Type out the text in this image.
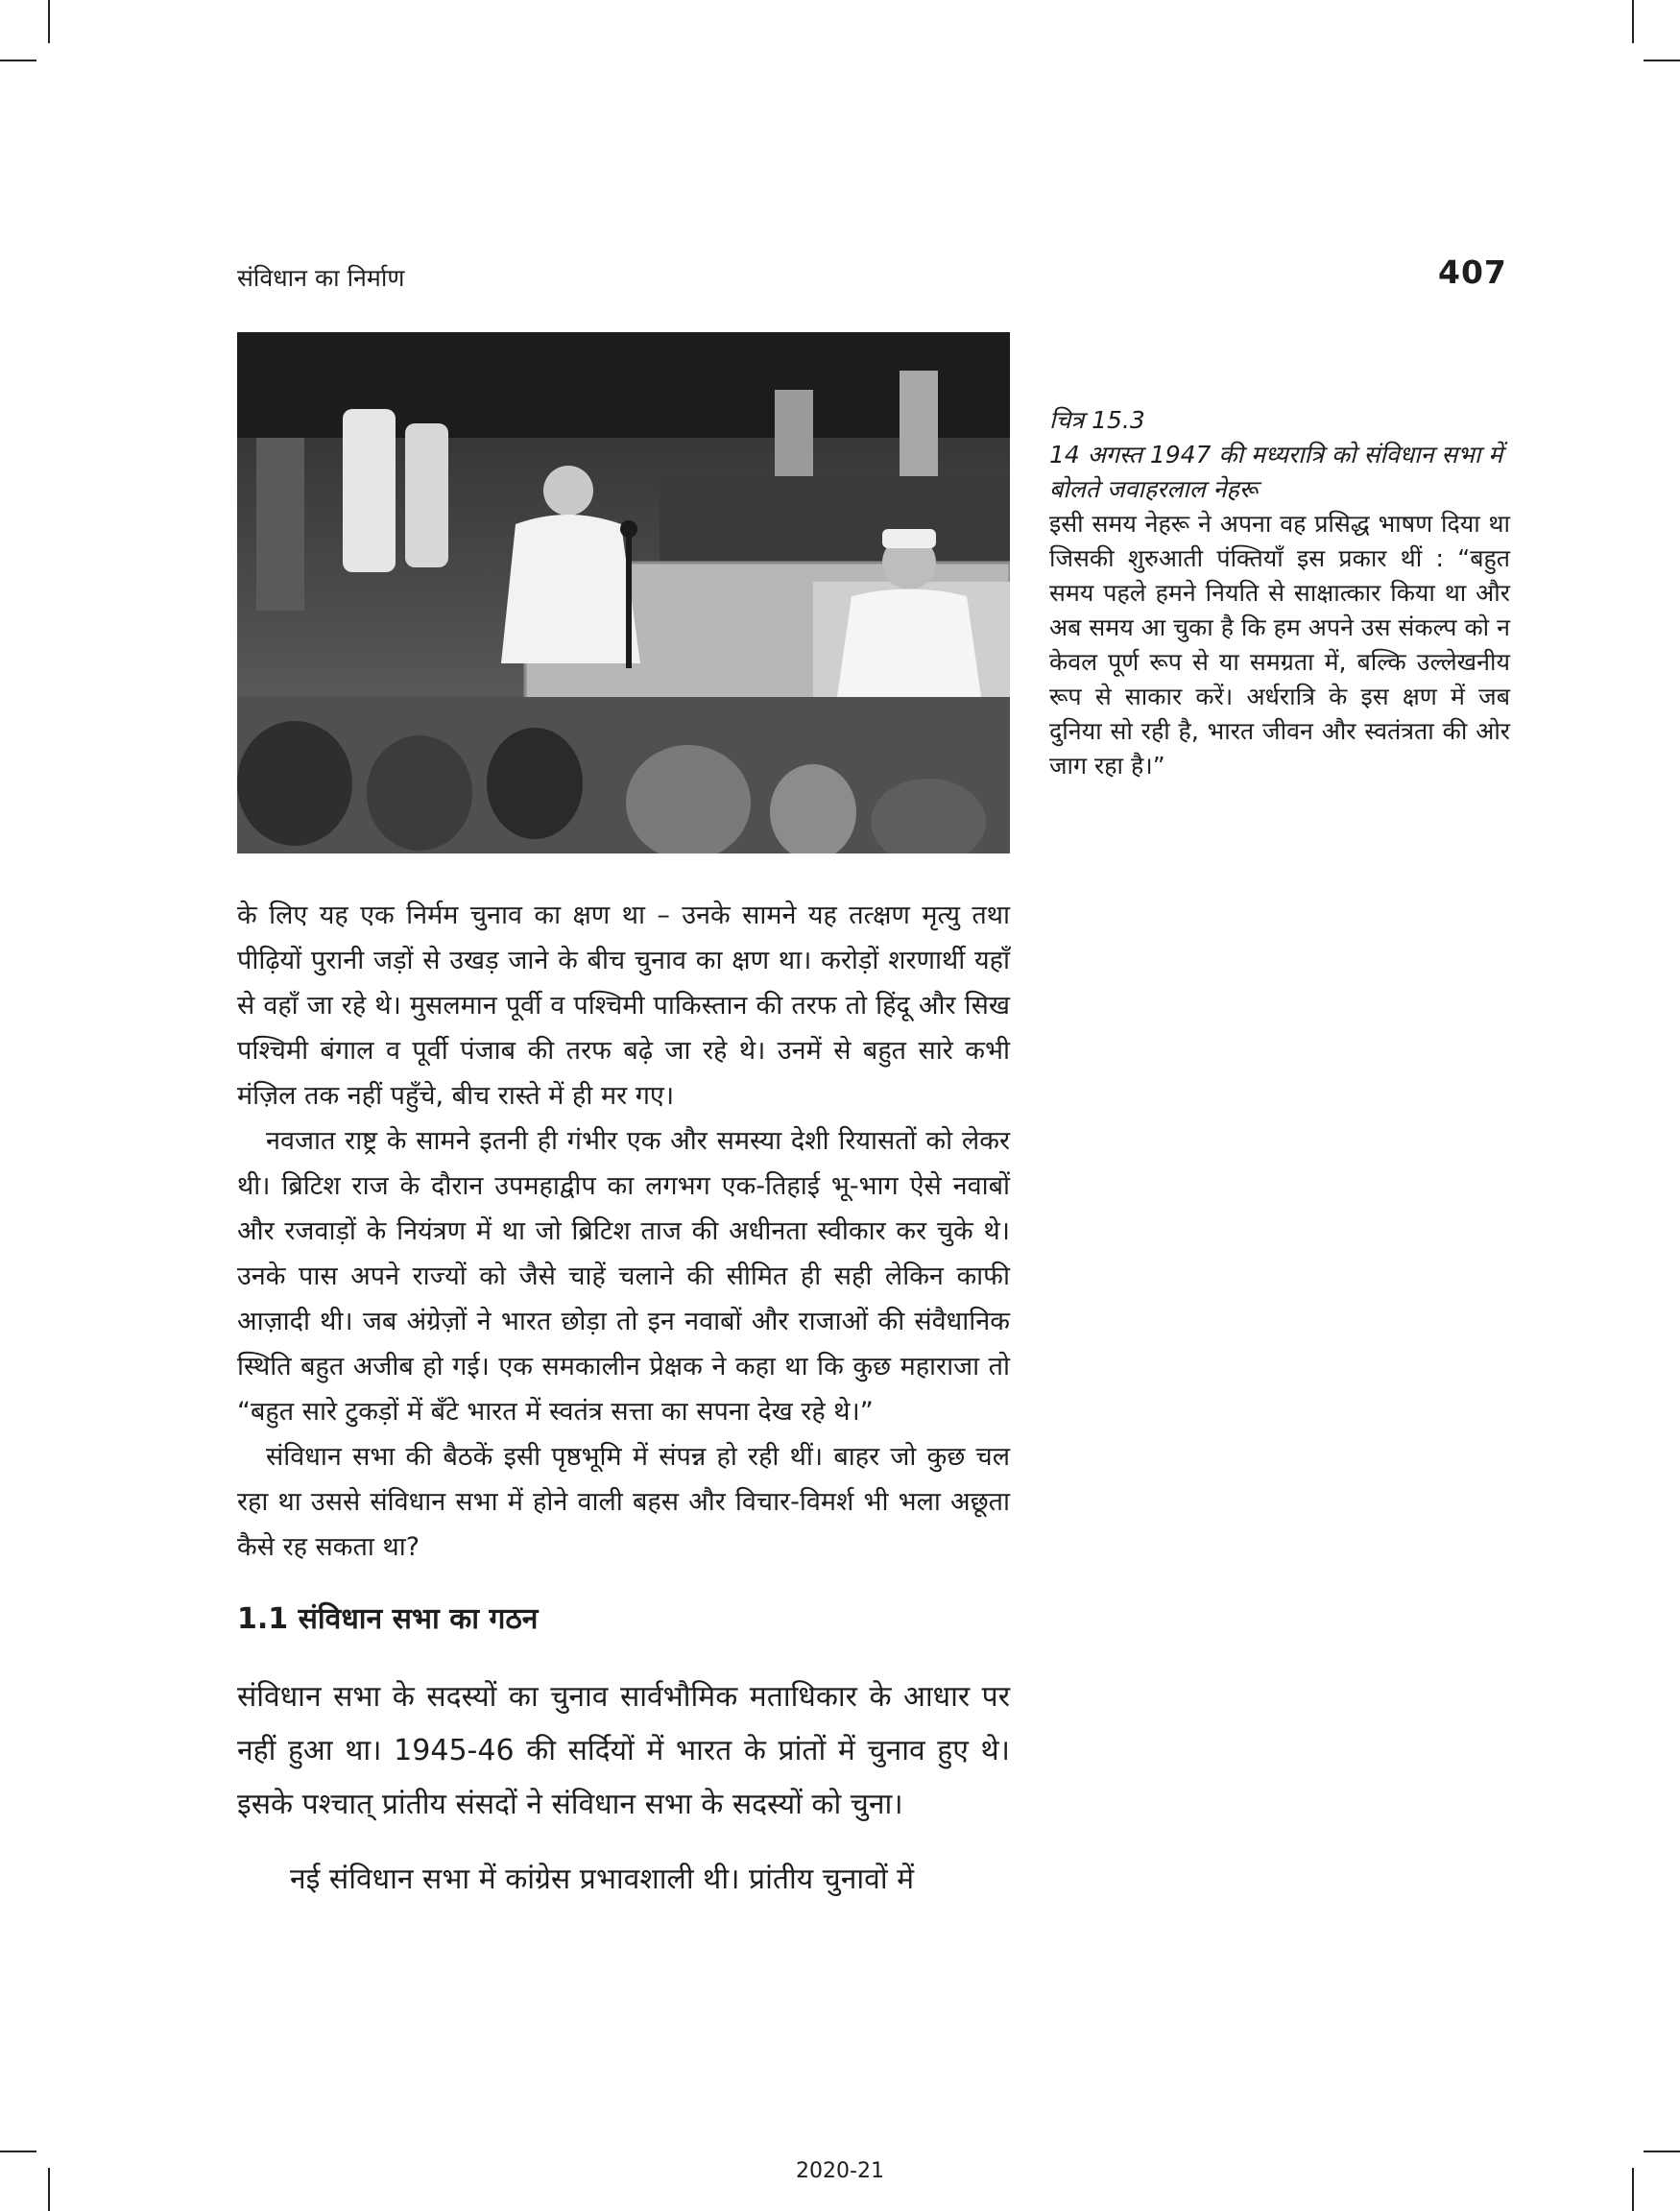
संविधान का निर्माण	407
चित्र 15.3
14 अगस्त 1947 की मध्यरात्रि को संविधान सभा में बोलते जवाहरलाल नेहरू
इसी समय नेहरू ने अपना वह प्रसिद्ध भाषण दिया था जिसकी शुरुआती पंक्तियाँ इस प्रकार थीं : “बहुत समय पहले हमने नियति से साक्षात्कार किया था और अब समय आ चुका है कि हम अपने उस संकल्प को न केवल पूर्ण रूप से या समग्रता में, बल्कि उल्लेखनीय रूप से साकार करें। अर्धरात्रि के इस क्षण में जब दुनिया सो रही है, भारत जीवन और स्वतंत्रता की ओर जाग रहा है।”

के लिए यह एक निर्मम चुनाव का क्षण था – उनके सामने यह तत्क्षण मृत्यु तथा पीढ़ियों पुरानी जड़ों से उखड़ जाने के बीच चुनाव का क्षण था। करोड़ों शरणार्थी यहाँ से वहाँ जा रहे थे। मुसलमान पूर्वी व पश्चिमी पाकिस्तान की तरफ तो हिंदू और सिख पश्चिमी बंगाल व पूर्वी पंजाब की तरफ बढ़े जा रहे थे। उनमें से बहुत सारे कभी मंज़िल तक नहीं पहुँचे, बीच रास्ते में ही मर गए।

नवजात राष्ट्र के सामने इतनी ही गंभीर एक और समस्या देशी रियासतों को लेकर थी। ब्रिटिश राज के दौरान उपमहाद्वीप का लगभग एक-तिहाई भू-भाग ऐसे नवाबों और रजवाड़ों के नियंत्रण में था जो ब्रिटिश ताज की अधीनता स्वीकार कर चुके थे। उनके पास अपने राज्यों को जैसे चाहें चलाने की सीमित ही सही लेकिन काफी आज़ादी थी। जब अंग्रेज़ों ने भारत छोड़ा तो इन नवाबों और राजाओं की संवैधानिक स्थिति बहुत अजीब हो गई। एक समकालीन प्रेक्षक ने कहा था कि कुछ महाराजा तो “बहुत सारे टुकड़ों में बँटे भारत में स्वतंत्र सत्ता का सपना देख रहे थे।”

संविधान सभा की बैठकें इसी पृष्ठभूमि में संपन्न हो रही थीं। बाहर जो कुछ चल रहा था उससे संविधान सभा में होने वाली बहस और विचार-विमर्श भी भला अछूता कैसे रह सकता था?

1.1 संविधान सभा का गठन

संविधान सभा के सदस्यों का चुनाव सार्वभौमिक मताधिकार के आधार पर नहीं हुआ था। 1945-46 की सर्दियों में भारत के प्रांतों में चुनाव हुए थे। इसके पश्चात् प्रांतीय संसदों ने संविधान सभा के सदस्यों को चुना।

नई संविधान सभा में कांग्रेस प्रभावशाली थी। प्रांतीय चुनावों में

2020-21
